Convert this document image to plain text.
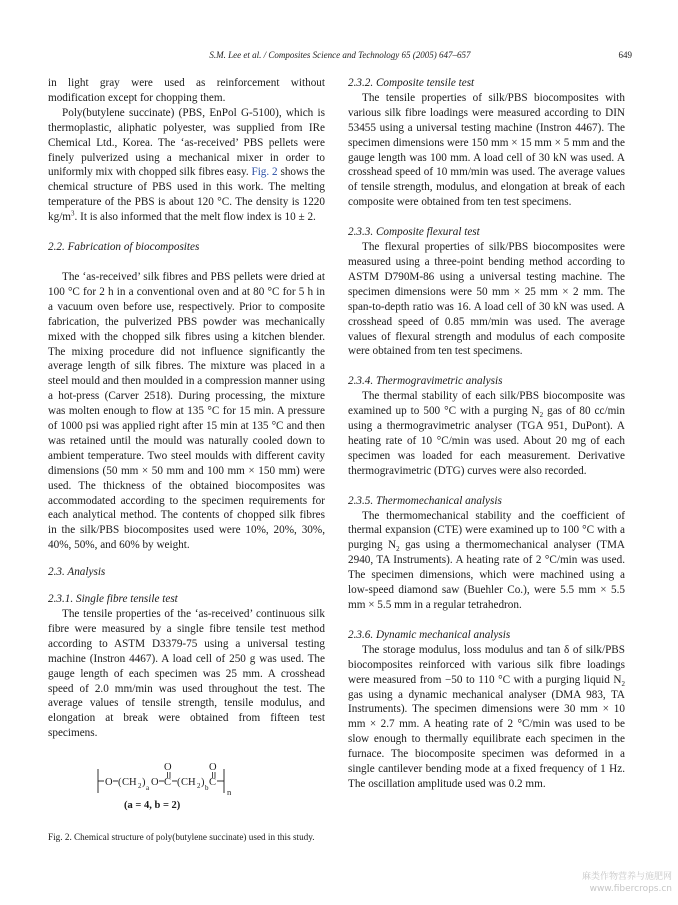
S.M. Lee et al. / Composites Science and Technology 65 (2005) 647–657	649

in light gray were used as reinforcement without modification except for chopping them.

Poly(butylene succinate) (PBS, EnPol G-5100), which is thermoplastic, aliphatic polyester, was supplied from IRe Chemical Ltd., Korea. The ‘as-received’ PBS pellets were finely pulverized using a mechanical mixer in order to uniformly mix with chopped silk fibres easy. Fig. 2 shows the chemical structure of PBS used in this work. The melting temperature of the PBS is about 120 °C. The density is 1220 $kg/m^3$. It is also informed that the melt flow index is 10 ± 2.

2.2. Fabrication of biocomposites

The ‘as-received’ silk fibres and PBS pellets were dried at 100 °C for 2 h in a conventional oven and at 80 °C for 5 h in a vacuum oven before use, respectively. Prior to composite fabrication, the pulverized PBS powder was mechanically mixed with the chopped silk fibres using a kitchen blender. The mixing procedure did not influence significantly the average length of silk fibres. The mixture was placed in a steel mould and then moulded in a compression manner using a hot-press (Carver 2518). During processing, the mixture was molten enough to flow at 135 °C for 15 min. A pressure of 1000 psi was applied right after 15 min at 135 °C and then was retained until the mould was naturally cooled down to ambient temperature. Two steel moulds with different cavity dimensions (50 mm × 50 mm and 100 mm × 150 mm) were used. The thickness of the obtained biocomposites was accommodated according to the specimen requirements for each analytical method. The contents of chopped silk fibres in the silk/PBS biocomposites used were 10%, 20%, 30%, 40%, 50%, and 60% by weight.

2.3. Analysis

2.3.1. Single fibre tensile test

The tensile properties of the ‘as-received’ continuous silk fibre were measured by a single fibre tensile test method according to ASTM D3379-75 using a universal testing machine (Instron 4467). A load cell of 250 g was used. The gauge length of each specimen was 25 mm. A crosshead speed of 2.0 mm/min was used throughout the test. The average values of tensile strength, tensile modulus, and elongation at break were obtained from fifteen test specimens.

O ( CH 2 ) a O C
O
( CH 2 ) b C
O
n
(a = 4, b = 2)

Fig. 2. Chemical structure of poly(butylene succinate) used in this study.

2.3.2. Composite tensile test

The tensile properties of silk/PBS biocomposites with various silk fibre loadings were measured according to DIN 53455 using a universal testing machine (Instron 4467). The specimen dimensions were 150 mm × 15 mm × 5 mm and the gauge length was 100 mm. A load cell of 30 kN was used. A crosshead speed of 10 mm/min was used. The average values of tensile strength, modulus, and elongation at break of each composite were obtained from ten test specimens.

2.3.3. Composite flexural test

The flexural properties of silk/PBS biocomposites were measured using a three-point bending method according to ASTM D790M-86 using a universal testing machine. The specimen dimensions were 50 mm × 25 mm × 2 mm. The span-to-depth ratio was 16. A load cell of 30 kN was used. A crosshead speed of 0.85 mm/min was used. The average values of flexural strength and modulus of each composite were obtained from ten test specimens.

2.3.4. Thermogravimetric analysis

The thermal stability of each silk/PBS biocomposite was examined up to 500 °C with a purging $N_2$ gas of 80 cc/min using a thermogravimetric analyser (TGA 951, DuPont). A heating rate of 10 °C/min was used. About 20 mg of each specimen was loaded for each measurement. Derivative thermogravimetric (DTG) curves were also recorded.

2.3.5. Thermomechanical analysis

The thermomechanical stability and the coefficient of thermal expansion (CTE) were examined up to 100 °C with a purging $N_2$ gas using a thermomechanical analyser (TMA 2940, TA Instruments). A heating rate of 2 °C/min was used. The specimen dimensions, which were machined using a low-speed diamond saw (Buehler Co.), were 5.5 mm × 5.5 mm × 5.5 mm in a regular tetrahedron.

2.3.6. Dynamic mechanical analysis

The storage modulus, loss modulus and tan δ of silk/PBS biocomposites reinforced with various silk fibre loadings were measured from −50 to 110 °C with a purging liquid $N_2$ gas using a dynamic mechanical analyser (DMA 983, TA Instruments). The specimen dimensions were 30 mm × 10 mm × 2.7 mm. A heating rate of 2 °C/min was used to be slow enough to thermally equilibrate each specimen in the furnace. The biocomposite specimen was deformed in a single cantilever bending mode at a fixed frequency of 1 Hz. The oscillation amplitude used was 0.2 mm.

麻类作物营养与施肥网
www.fibercrops.cn
